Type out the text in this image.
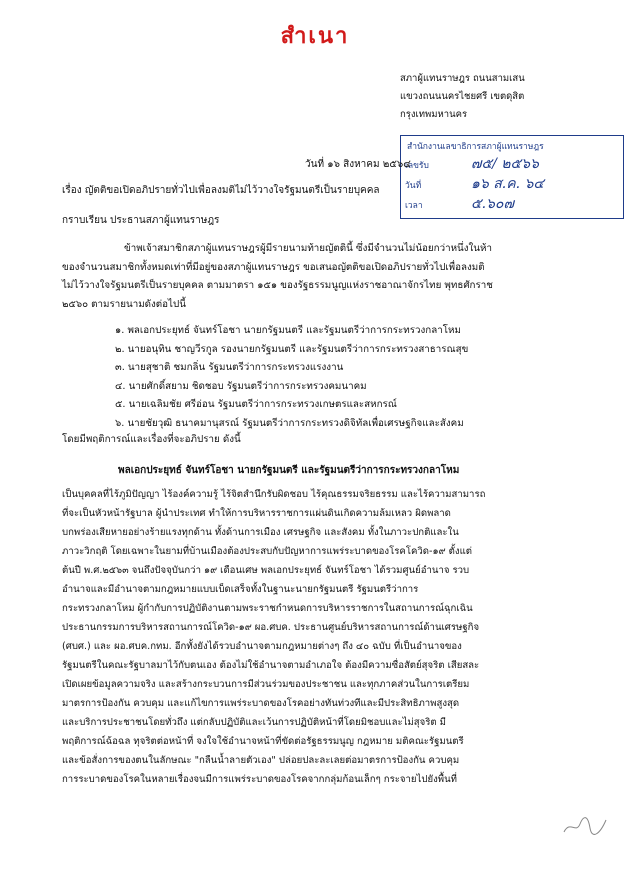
สำเนา
สภาผู้แทนราษฎร ถนนสามเสน
แขวงถนนนครไชยศรี เขตดุสิต
กรุงเทพมหานคร
สำนักงานเลขาธิการสภาผู้แทนราษฎร
เลขรับ	๗๕/ ๒๕๖๖
วันที่	๑๖ ส.ค. ๖๔
เวลา	๕.๖๐๗
วันที่ ๑๖ สิงหาคม ๒๕๖๔
เรื่อง ญัตติขอเปิดอภิปรายทั่วไปเพื่อลงมติไม่ไว้วางใจรัฐมนตรีเป็นรายบุคคล
กราบเรียน ประธานสภาผู้แทนราษฎร
ข้าพเจ้าสมาชิกสภาผู้แทนราษฎรผู้มีรายนามท้ายญัตตินี้ ซึ่งมีจำนวนไม่น้อยกว่าหนึ่งในห้า
ของจำนวนสมาชิกทั้งหมดเท่าที่มีอยู่ของสภาผู้แทนราษฎร ขอเสนอญัตติขอเปิดอภิปรายทั่วไปเพื่อลงมติ
ไม่ไว้วางใจรัฐมนตรีเป็นรายบุคคล ตามมาตรา ๑๕๑ ของรัฐธรรมนูญแห่งราชอาณาจักรไทย พุทธศักราช
๒๕๖๐ ตามรายนามดังต่อไปนี้
๑. พลเอกประยุทธ์ จันทร์โอชา นายกรัฐมนตรี และรัฐมนตรีว่าการกระทรวงกลาโหม
๒. นายอนุทิน ชาญวีรกูล รองนายกรัฐมนตรี และรัฐมนตรีว่าการกระทรวงสาธารณสุข
๓. นายสุชาติ ชมกลิ่น รัฐมนตรีว่าการกระทรวงแรงงาน
๔. นายศักดิ์สยาม ชิดชอบ รัฐมนตรีว่าการกระทรวงคมนาคม
๕. นายเฉลิมชัย ศรีอ่อน รัฐมนตรีว่าการกระทรวงเกษตรและสหกรณ์
๖. นายชัยวุฒิ ธนาคมานุสรณ์ รัฐมนตรีว่าการกระทรวงดิจิทัลเพื่อเศรษฐกิจและสังคม
โดยมีพฤติการณ์และเรื่องที่จะอภิปราย ดังนี้
พลเอกประยุทธ์ จันทร์โอชา นายกรัฐมนตรี และรัฐมนตรีว่าการกระทรวงกลาโหม
เป็นบุคคลที่ไร้ภูมิปัญญา ไร้องค์ความรู้ ไร้จิตสำนึกรับผิดชอบ ไร้คุณธรรมจริยธรรม และไร้ความสามารถ
ที่จะเป็นหัวหน้ารัฐบาล ผู้นำประเทศ ทำให้การบริหารราชการแผ่นดินเกิดความล้มเหลว ผิดพลาด
บกพร่องเสียหายอย่างร้ายแรงทุกด้าน ทั้งด้านการเมือง เศรษฐกิจ และสังคม ทั้งในภาวะปกติและใน
ภาวะวิกฤติ โดยเฉพาะในยามที่บ้านเมืองต้องประสบกับปัญหาการแพร่ระบาดของโรคโควิด-๑๙ ตั้งแต่
ต้นปี พ.ศ.๒๕๖๓ จนถึงปัจจุบันกว่า ๑๙ เดือนเศษ พลเอกประยุทธ์ จันทร์โอชา ได้รวมศูนย์อำนาจ รวบ
อำนาจและมีอำนาจตามกฎหมายแบบเบ็ดเสร็จทั้งในฐานะนายกรัฐมนตรี รัฐมนตรีว่าการ
กระทรวงกลาโหม ผู้กำกับการปฏิบัติงานตามพระราชกำหนดการบริหารราชการในสถานการณ์ฉุกเฉิน
ประธานกรรมการบริหารสถานการณ์โควิด-๑๙ ผอ.ศบค. ประธานศูนย์บริหารสถานการณ์ด้านเศรษฐกิจ
(ศบศ.) และ ผอ.ศบค.กทม. อีกทั้งยังได้รวบอำนาจตามกฎหมายต่างๆ ถึง ๔๐ ฉบับ ที่เป็นอำนาจของ
รัฐมนตรีในคณะรัฐบาลมาไว้กับตนเอง ต้องไม่ใช้อำนาจตามอำเภอใจ ต้องมีความซื่อสัตย์สุจริต เสียสละ
เปิดเผยข้อมูลความจริง และสร้างกระบวนการมีส่วนร่วมของประชาชน และทุกภาคส่วนในการเตรียม
มาตรการป้องกัน ควบคุม และแก้ไขการแพร่ระบาดของโรคอย่างทันท่วงทีและมีประสิทธิภาพสูงสุด
และบริการประชาชนโดยทั่วถึง แต่กลับปฏิบัติและเว้นการปฏิบัติหน้าที่โดยมิชอบและไม่สุจริต มี
พฤติการณ์ฉ้อฉล ทุจริตต่อหน้าที่ จงใจใช้อำนาจหน้าที่ขัดต่อรัฐธรรมนูญ กฎหมาย มติคณะรัฐมนตรี
และข้อสั่งการของตนในลักษณะ "กลืนน้ำลายตัวเอง" ปล่อยปละละเลยต่อมาตรการป้องกัน ควบคุม
การระบาดของโรคในหลายเรื่องจนมีการแพร่ระบาดของโรคจากกลุ่มก้อนเล็กๆ กระจายไปยังพื้นที่
